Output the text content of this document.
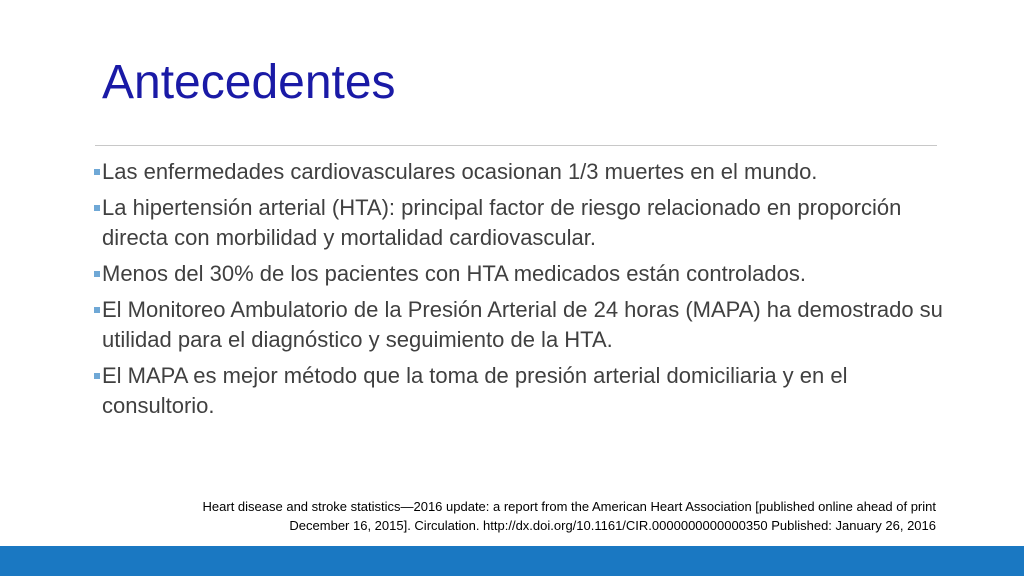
Antecedentes
Las enfermedades cardiovasculares ocasionan 1/3 muertes en el mundo.
La hipertensión arterial (HTA): principal factor de riesgo relacionado en proporción directa con morbilidad y mortalidad cardiovascular.
Menos del 30% de los pacientes con HTA medicados están controlados.
El Monitoreo Ambulatorio de la Presión Arterial de 24 horas (MAPA) ha demostrado su utilidad para el diagnóstico y seguimiento de la HTA.
El MAPA es mejor método que la toma de presión arterial domiciliaria y en el consultorio.
Heart disease and stroke statistics—2016 update: a report from the American Heart Association [published online ahead of print
December 16, 2015]. Circulation. http://dx.doi.org/10.1161/CIR.0000000000000350 Published: January 26, 2016
